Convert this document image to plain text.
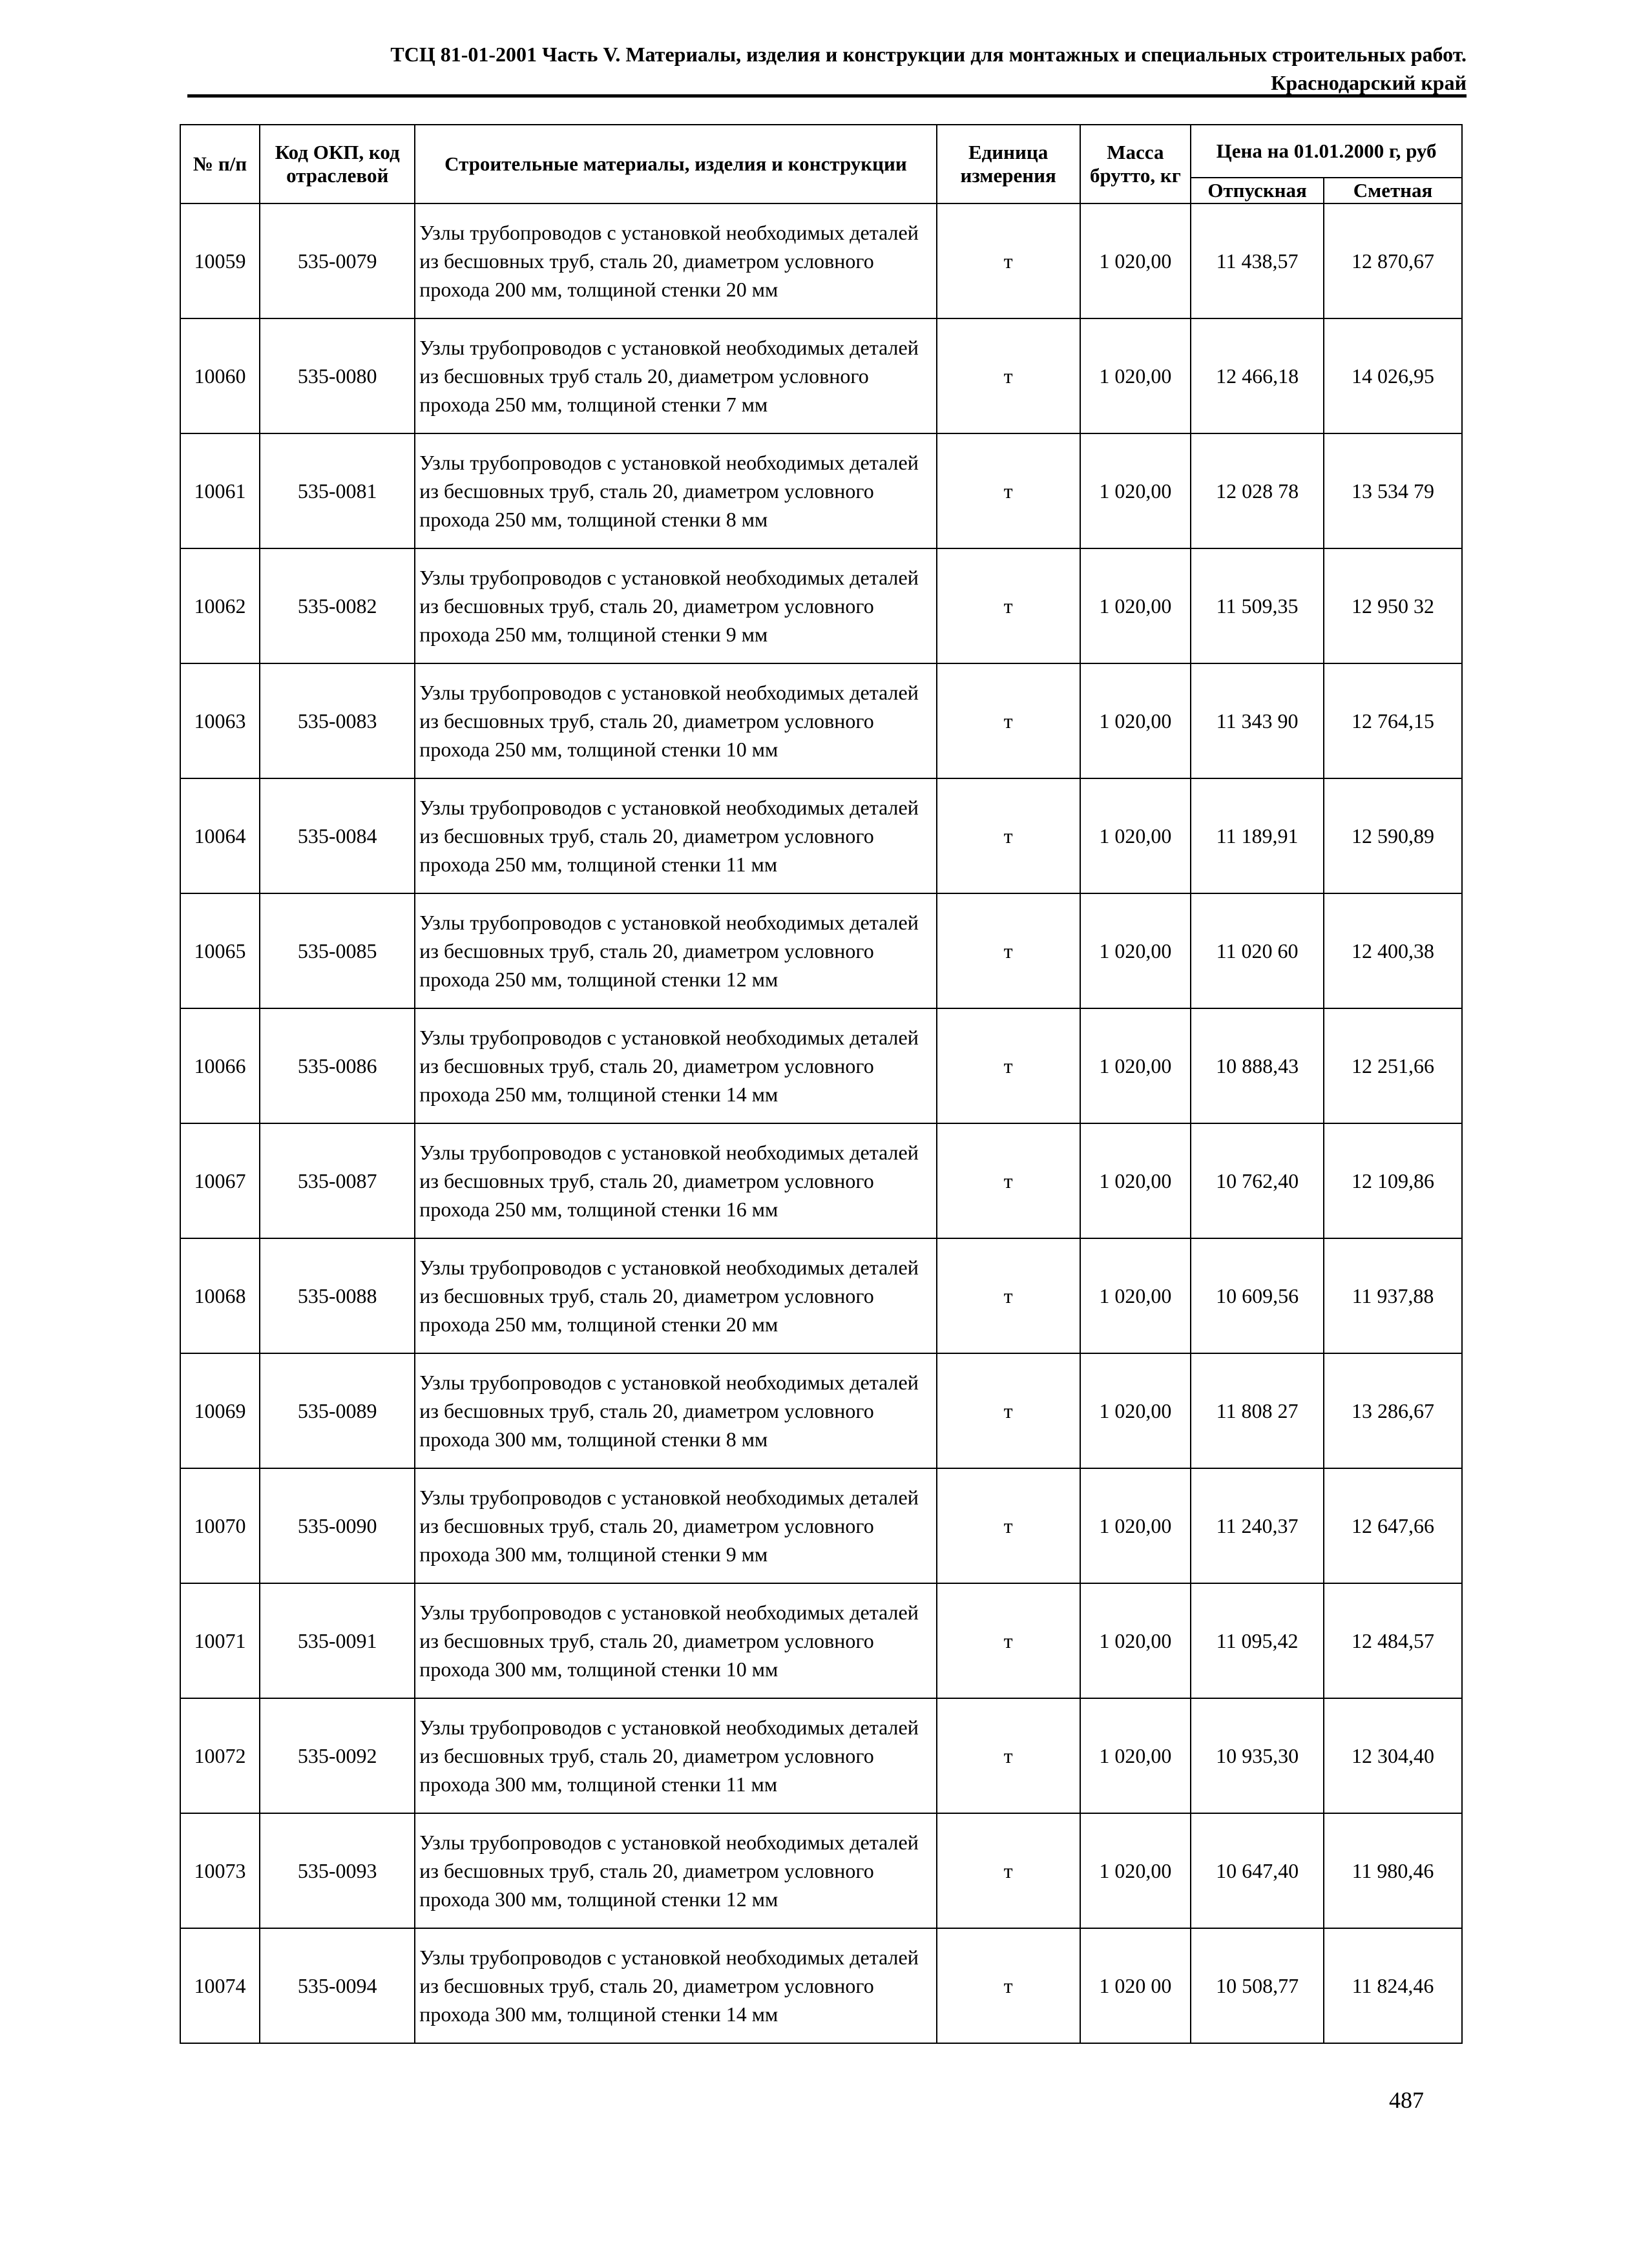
ТСЦ 81-01-2001 Часть V. Материалы, изделия и конструкции для монтажных и специальных строительных работ.
Краснодарский край
№ п/п	Код ОКП, код отраслевой	Строительные материалы, изделия и конструкции	Единица измерения	Масса брутто, кг	Цена на 01.01.2000 г, руб	
					Отпускная	Сметная
10059	535-0079	Узлы трубопроводов с установкой необходимых деталей из бесшовных труб, сталь 20, диаметром условного прохода 200 мм, толщиной стенки 20 мм	т	1 020,00	11 438,57	12 870,67
10060	535-0080	Узлы трубопроводов с установкой необходимых деталей из бесшовных труб сталь 20, диаметром условного прохода 250 мм, толщиной стенки 7 мм	т	1 020,00	12 466,18	14 026,95
10061	535-0081	Узлы трубопроводов с установкой необходимых деталей из бесшовных труб, сталь 20, диаметром условного прохода 250 мм, толщиной стенки 8 мм	т	1 020,00	12 028 78	13 534 79
10062	535-0082	Узлы трубопроводов с установкой необходимых деталей из бесшовных труб, сталь 20, диаметром условного прохода 250 мм, толщиной стенки 9 мм	т	1 020,00	11 509,35	12 950 32
10063	535-0083	Узлы трубопроводов с установкой необходимых деталей из бесшовных труб, сталь 20, диаметром условного прохода 250 мм, толщиной стенки 10 мм	т	1 020,00	11 343 90	12 764,15
10064	535-0084	Узлы трубопроводов с установкой необходимых деталей из бесшовных труб, сталь 20, диаметром условного прохода 250 мм, толщиной стенки 11 мм	т	1 020,00	11 189,91	12 590,89
10065	535-0085	Узлы трубопроводов с установкой необходимых деталей из бесшовных труб, сталь 20, диаметром условного прохода 250 мм, толщиной стенки 12 мм	т	1 020,00	11 020 60	12 400,38
10066	535-0086	Узлы трубопроводов с установкой необходимых деталей из бесшовных труб, сталь 20, диаметром условного прохода 250 мм, толщиной стенки 14 мм	т	1 020,00	10 888,43	12 251,66
10067	535-0087	Узлы трубопроводов с установкой необходимых деталей из бесшовных труб, сталь 20, диаметром условного прохода 250 мм, толщиной стенки 16 мм	т	1 020,00	10 762,40	12 109,86
10068	535-0088	Узлы трубопроводов с установкой необходимых деталей из бесшовных труб, сталь 20, диаметром условного прохода 250 мм, толщиной стенки 20 мм	т	1 020,00	10 609,56	11 937,88
10069	535-0089	Узлы трубопроводов с установкой необходимых деталей из бесшовных труб, сталь 20, диаметром условного прохода 300 мм, толщиной стенки 8 мм	т	1 020,00	11 808 27	13 286,67
10070	535-0090	Узлы трубопроводов с установкой необходимых деталей из бесшовных труб, сталь 20, диаметром условного прохода 300 мм, толщиной стенки 9 мм	т	1 020,00	11 240,37	12 647,66
10071	535-0091	Узлы трубопроводов с установкой необходимых деталей из бесшовных труб, сталь 20, диаметром условного прохода 300 мм, толщиной стенки 10 мм	т	1 020,00	11 095,42	12 484,57
10072	535-0092	Узлы трубопроводов с установкой необходимых деталей из бесшовных труб, сталь 20, диаметром условного прохода 300 мм, толщиной стенки 11 мм	т	1 020,00	10 935,30	12 304,40
10073	535-0093	Узлы трубопроводов с установкой необходимых деталей из бесшовных труб, сталь 20, диаметром условного прохода 300 мм, толщиной стенки 12 мм	т	1 020,00	10 647,40	11 980,46
10074	535-0094	Узлы трубопроводов с установкой необходимых деталей из бесшовных труб, сталь 20, диаметром условного прохода 300 мм, толщиной стенки 14 мм	т	1 020 00	10 508,77	11 824,46
487
